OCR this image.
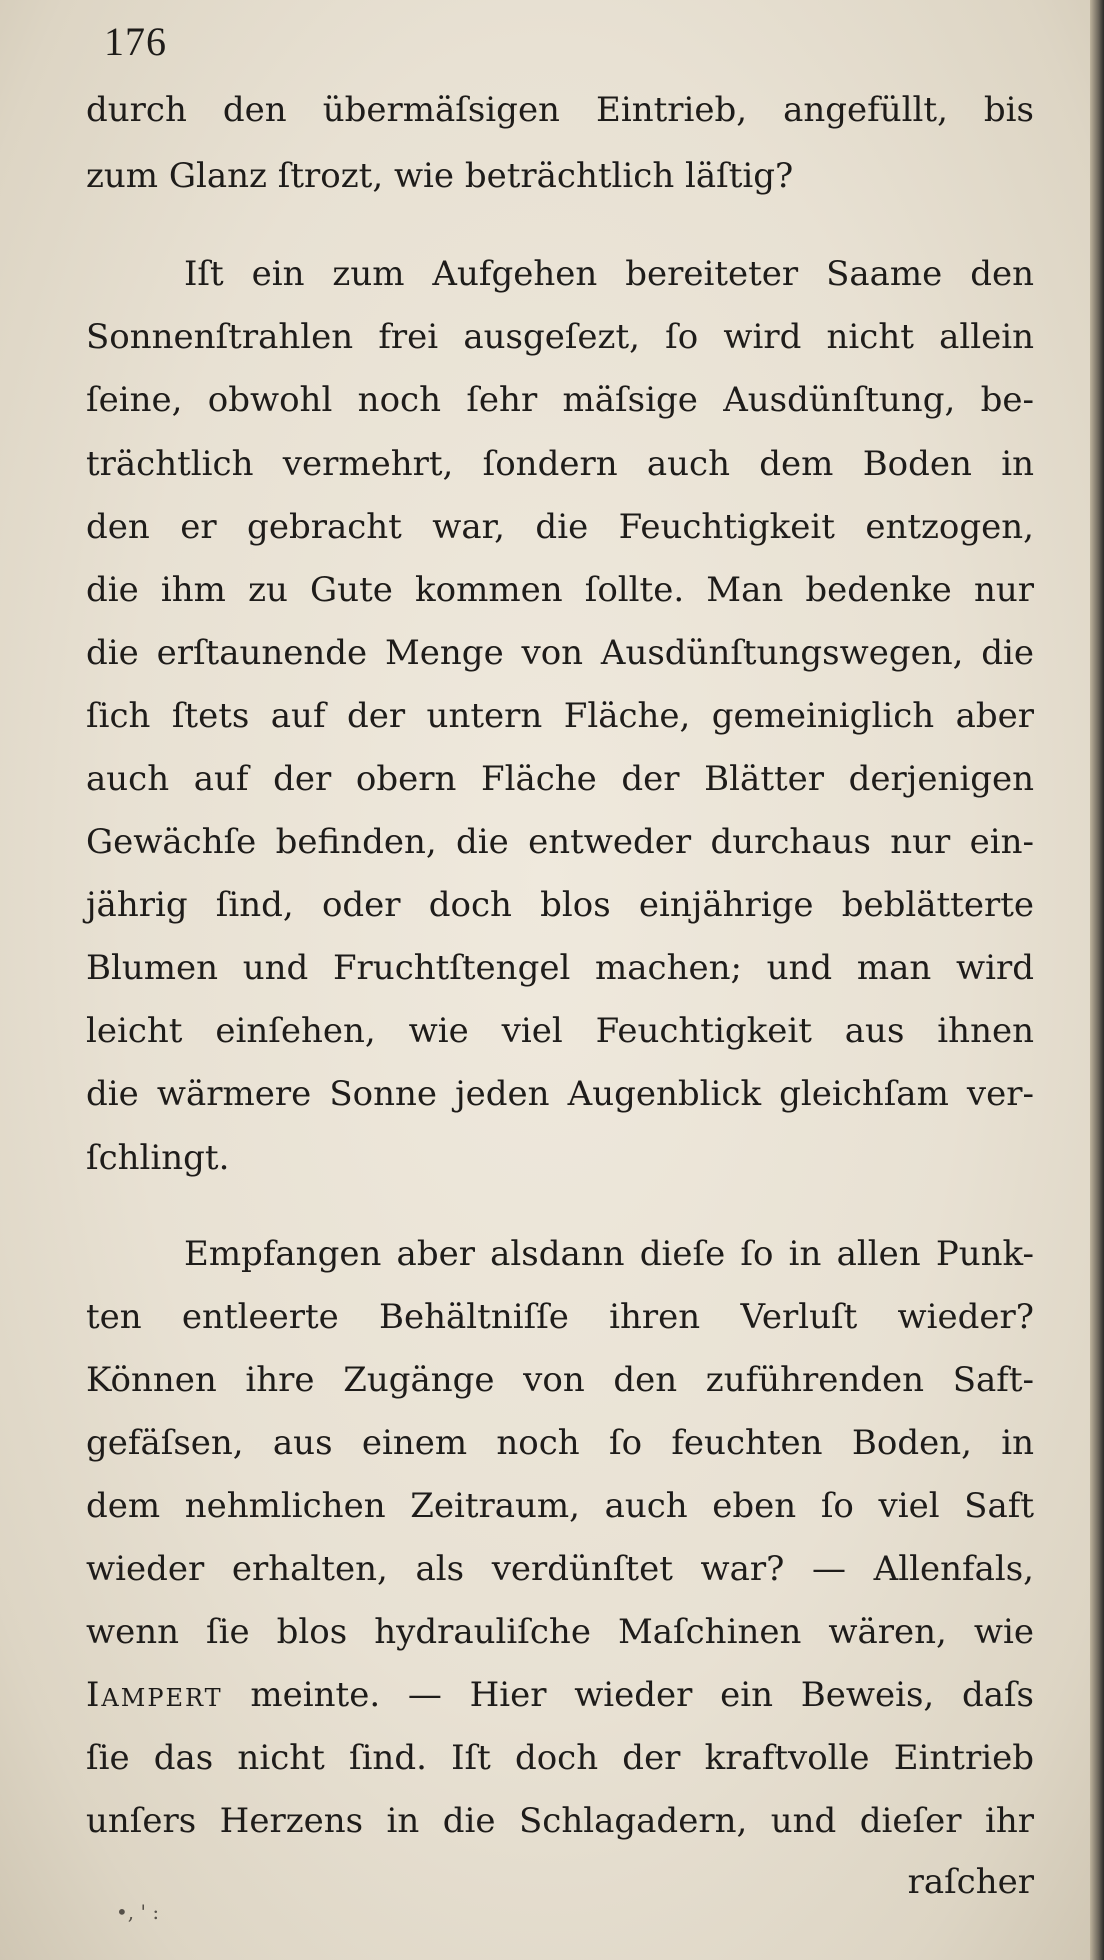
176
durch den übermäſsigen Eintrieb, angefüllt, bis
zum Glanz ſtrozt, wie beträchtlich läſtig?
Iſt ein zum Aufgehen bereiteter Saame den
Sonnenſtrahlen frei ausgeſezt, ſo wird nicht allein
ſeine, obwohl noch ſehr mäſsige Ausdünſtung, be-
trächtlich vermehrt, ſondern auch dem Boden in
den er gebracht war, die Feuchtigkeit entzogen,
die ihm zu Gute kommen ſollte. Man bedenke nur
die erſtaunende Menge von Ausdünſtungswegen, die
ſich ſtets auf der untern Fläche, gemeiniglich aber
auch auf der obern Fläche der Blätter derjenigen
Gewächſe befinden, die entweder durchaus nur ein-
jährig ſind, oder doch blos einjährige beblätterte
Blumen und Fruchtſtengel machen; und man wird
leicht einſehen, wie viel Feuchtigkeit aus ihnen
die wärmere Sonne jeden Augenblick gleichſam ver-
ſchlingt.
Empfangen aber alsdann dieſe ſo in allen Punk-
ten entleerte Behältniſſe ihren Verluſt wieder?
Können ihre Zugänge von den zuführenden Saft-
gefäſsen, aus einem noch ſo feuchten Boden, in
dem nehmlichen Zeitraum, auch eben ſo viel Saft
wieder erhalten, als verdünſtet war? — Allenfals,
wenn ſie blos hydrauliſche Maſchinen wären, wie
Iampert meinte. — Hier wieder ein Beweis, daſs
ſie das nicht ſind. Iſt doch der kraftvolle Eintrieb
unſers Herzens in die Schlagadern, und dieſer ihr
raſcher
•, ' :
